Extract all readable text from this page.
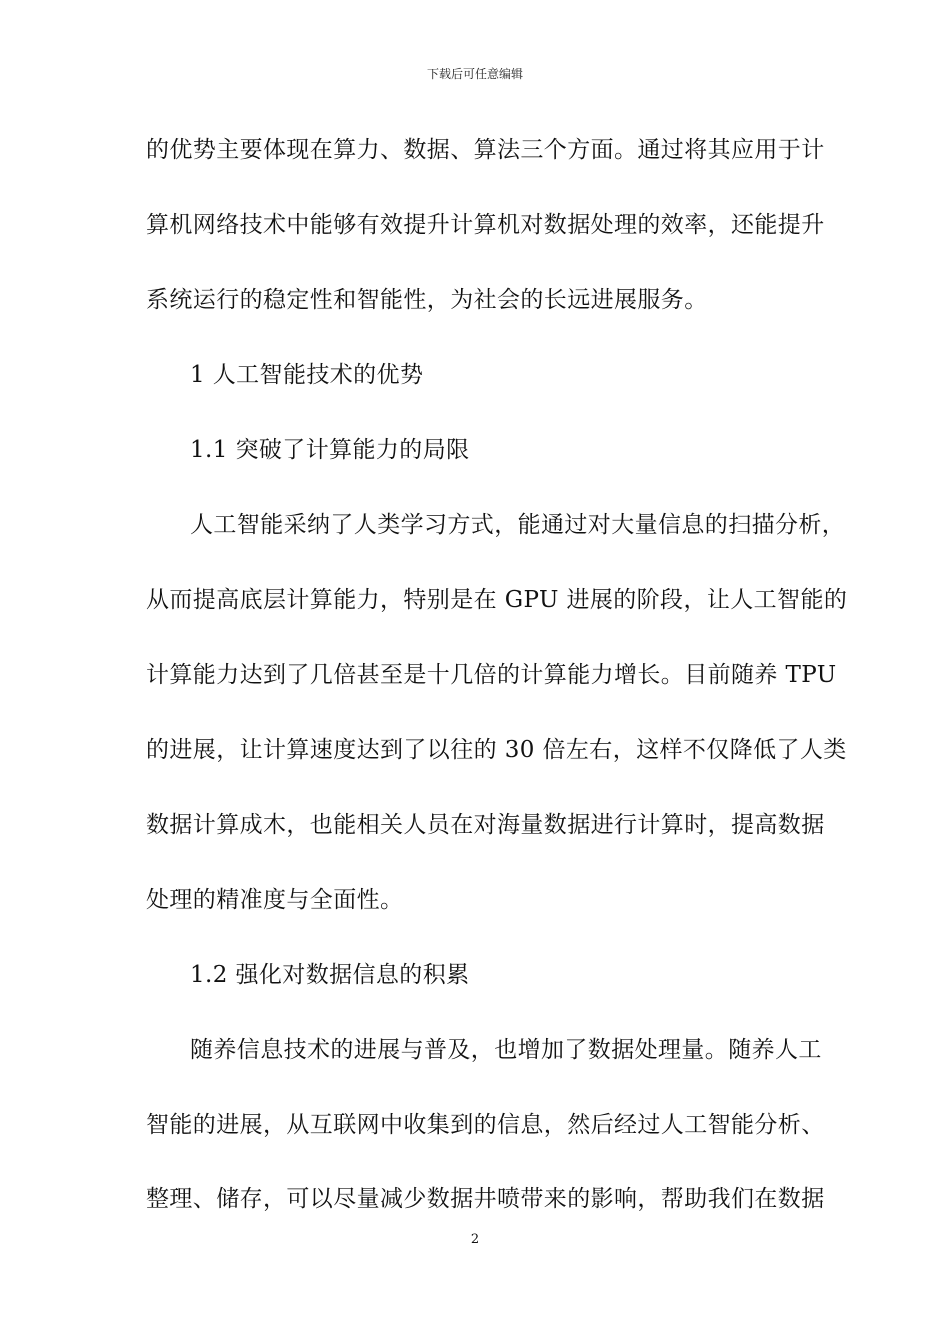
下载后可任意编辑
的优势主要体现在算力、数据、算法三个方面。通过将其应用于计
算机网络技术中能够有效提升计算机对数据处理的效率，还能提升
系统运行的稳定性和智能性，为社会的长远进展服务。
1 人工智能技术的优势
1.1 突破了计算能力的局限
人工智能采纳了人类学习方式，能通过对大量信息的扫描分析，
从而提高底层计算能力，特别是在 GPU 进展的阶段，让人工智能的
计算能力达到了几倍甚至是十几倍的计算能力增长。目前随养 TPU
的进展，让计算速度达到了以往的 30 倍左右，这样不仅降低了人类
数据计算成木，也能相关人员在对海量数据进行计算时，提高数据
处理的精准度与全面性。
1.2 强化对数据信息的积累
随养信息技术的进展与普及，也增加了数据处理量。随养人工
智能的进展，从互联网中收集到的信息，然后经过人工智能分析、
整理、储存，可以尽量减少数据井喷带来的影响，帮助我们在数据
2
